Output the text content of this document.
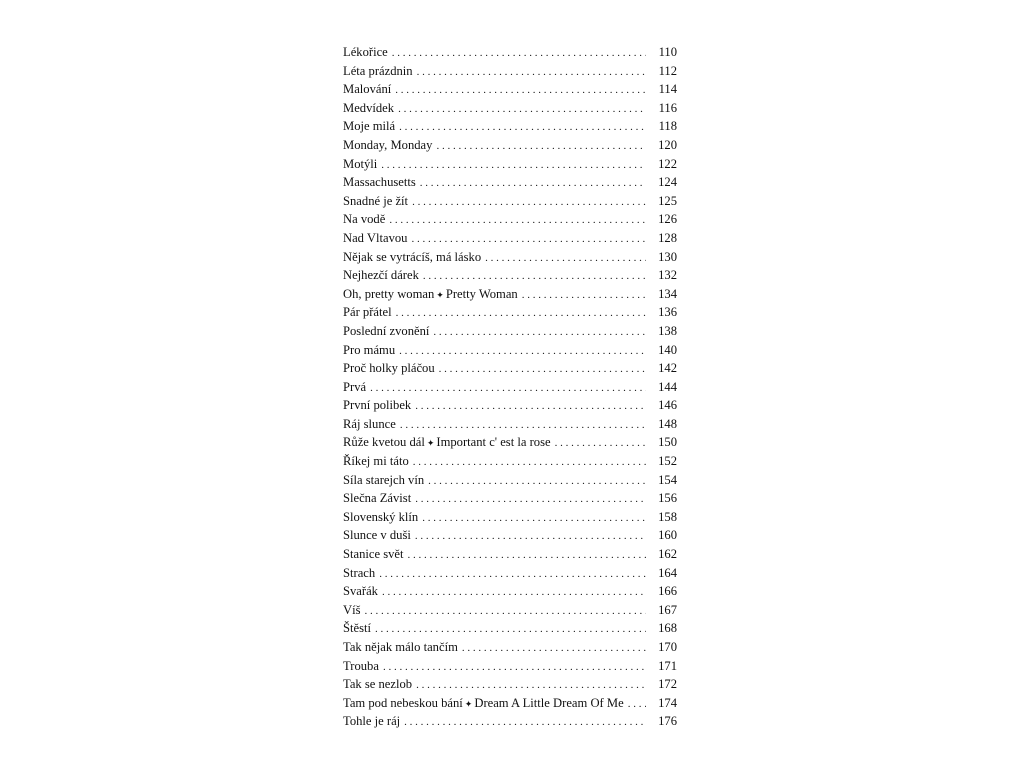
Lékořice . . .	110
Léta prázdnin . . .	112
Malování . . .	114
Medvídek . . .	116
Moje milá . . .	118
Monday, Monday . . .	120
Motýli . . .	122
Massachusetts . . .	124
Snadné je žít . . .	125
Na vodě . . .	126
Nad Vltavou . . .	128
Nějak se vytrácíš, má lásko . . .	130
Nejhezčí dárek . . .	132
Oh, pretty woman ✦ Pretty Woman . . .	134
Pár přátel . . .	136
Poslední zvonění . . .	138
Pro mámu . . .	140
Proč holky pláčou . . .	142
Prvá . . .	144
První polibek . . .	146
Ráj slunce . . .	148
Růže kvetou dál ✦ Important c' est la rose . . .	150
Říkej mi táto . . .	152
Síla starejch vín . . .	154
Slečna Závist . . .	156
Slovenský klín . . .	158
Slunce v duši . . .	160
Stanice svět . . .	162
Strach . . .	164
Svařák . . .	166
Víš . . .	167
Štěstí . . .	168
Tak nějak málo tančím . . .	170
Trouba . . .	171
Tak se nezlob . . .	172
Tam pod nebeskou bání ✦ Dream A Little Dream Of Me . . .	174
Tohle je ráj . . .	176
